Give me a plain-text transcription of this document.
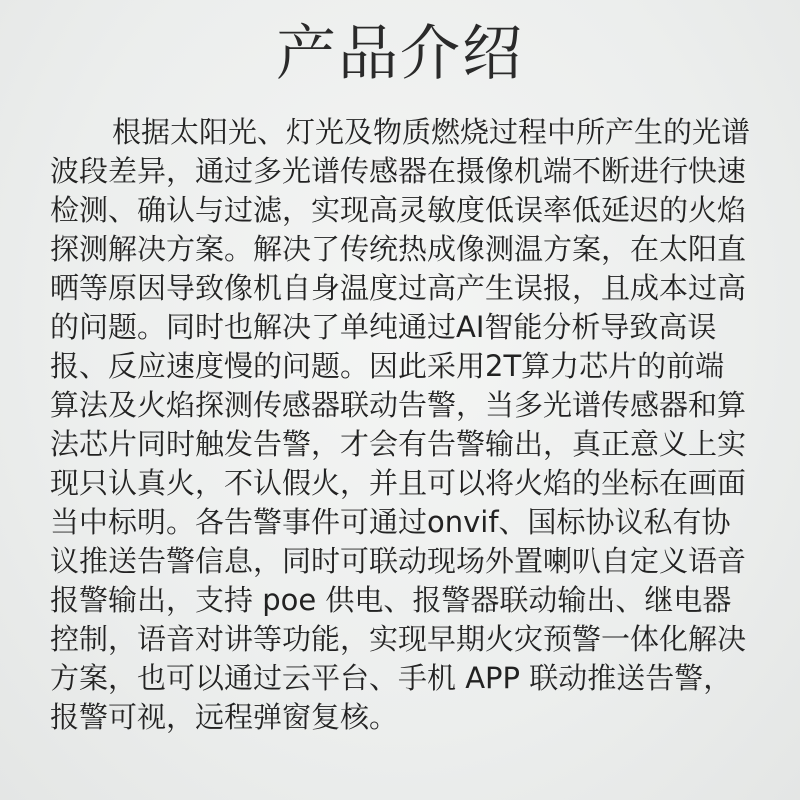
产品介绍
根据太阳光、灯光及物质燃烧过程中所产生的光谱
波段差异，通过多光谱传感器在摄像机端不断进行快速
检测、确认与过滤，实现高灵敏度低误率低延迟的火焰
探测解决方案。解决了传统热成像测温方案，在太阳直
晒等原因导致像机自身温度过高产生误报，且成本过高
的问题。同时也解决了单纯通过AI智能分析导致高误
报、反应速度慢的问题。因此采用2T算力芯片的前端
算法及火焰探测传感器联动告警，当多光谱传感器和算
法芯片同时触发告警，才会有告警输出，真正意义上实
现只认真火，不认假火，并且可以将火焰的坐标在画面
当中标明。各告警事件可通过onvif、国标协议私有协
议推送告警信息，同时可联动现场外置喇叭自定义语音
报警输出，支持 poe 供电、报警器联动输出、继电器
控制，语音对讲等功能，实现早期火灾预警一体化解决
方案，也可以通过云平台、手机 APP 联动推送告警，
报警可视，远程弹窗复核。
